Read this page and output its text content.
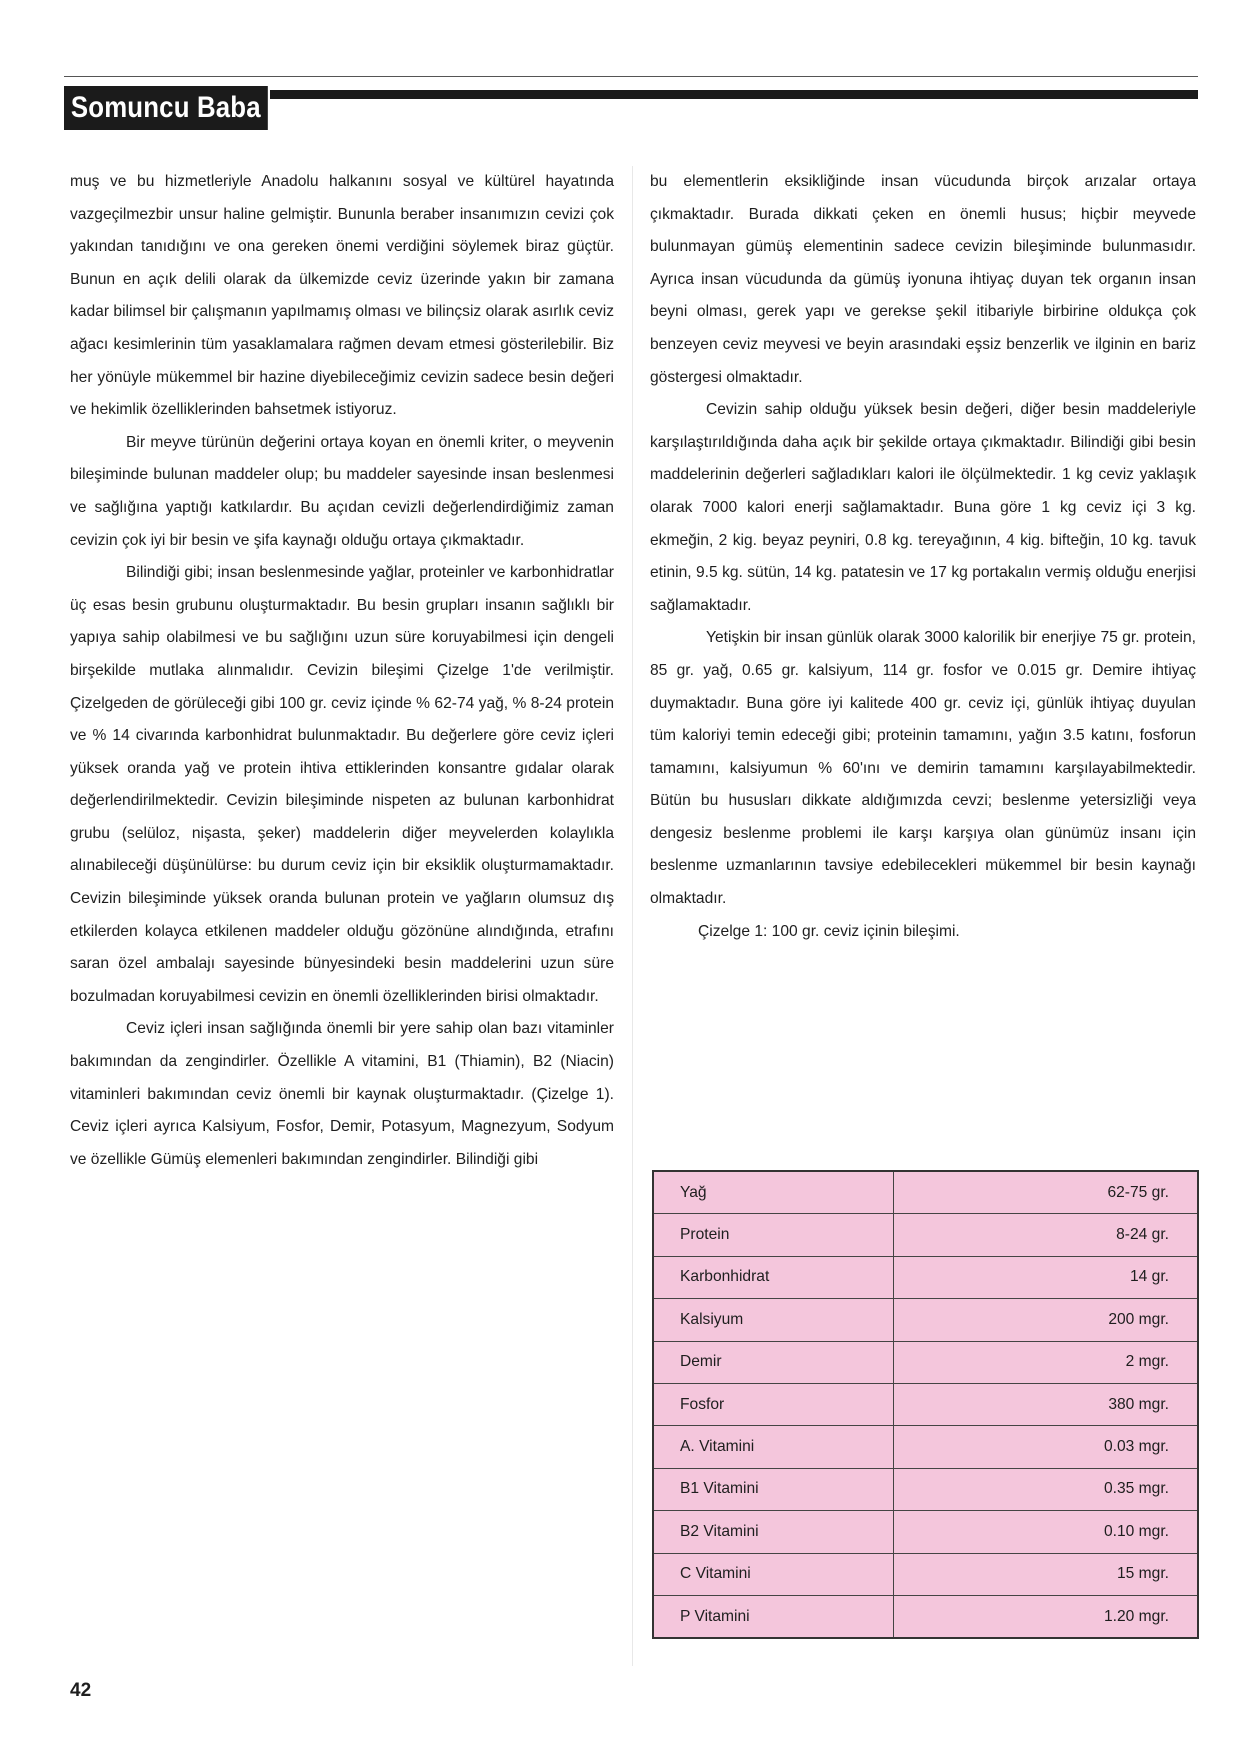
Somuncu Baba

muş ve bu hizmetleriyle Anadolu halkanını sosyal ve kültürel hayatında vazgeçilmezbir unsur haline gelmiştir. Bununla beraber insanımızın cevizi çok yakından tanıdığını ve ona gereken önemi verdiğini söylemek biraz güçtür. Bunun en açık delili olarak da ülkemizde ceviz üzerinde yakın bir zamana kadar bilimsel bir çalışmanın yapılmamış olması ve bilinçsiz olarak asırlık ceviz ağacı kesimlerinin tüm yasaklamalara rağmen devam etmesi gösterilebilir. Biz her yönüyle mükemmel bir hazine diyebileceğimiz cevizin sadece besin değeri ve hekimlik özelliklerinden bahsetmek istiyoruz.

Bir meyve türünün değerini ortaya koyan en önemli kriter, o meyvenin bileşiminde bulunan maddeler olup; bu maddeler sayesinde insan beslenmesi ve sağlığına yaptığı katkılardır. Bu açıdan cevizli değerlendirdiğimiz zaman cevizin çok iyi bir besin ve şifa kaynağı olduğu ortaya çıkmaktadır.

Bilindiği gibi; insan beslenmesinde yağlar, proteinler ve karbonhidratlar üç esas besin grubunu oluşturmaktadır. Bu besin grupları insanın sağlıklı bir yapıya sahip olabilmesi ve bu sağlığını uzun süre koruyabilmesi için dengeli birşekilde mutlaka alınmalıdır. Cevizin bileşimi Çizelge 1'de verilmiştir. Çizelgeden de görüleceği gibi 100 gr. ceviz içinde % 62-74 yağ, % 8-24 protein ve % 14 civarında karbonhidrat bulunmaktadır. Bu değerlere göre ceviz içleri yüksek oranda yağ ve protein ihtiva ettiklerinden konsantre gıdalar olarak değerlendirilmektedir. Cevizin bileşiminde nispeten az bulunan karbonhidrat grubu (selüloz, nişasta, şeker) maddelerin diğer meyvelerden kolaylıkla alınabileceği düşünülürse: bu durum ceviz için bir eksiklik oluşturmamaktadır. Cevizin bileşiminde yüksek oranda bulunan protein ve yağların olumsuz dış etkilerden kolayca etkilenen maddeler olduğu gözönüne alındığında, etrafını saran özel ambalajı sayesinde bünyesindeki besin maddelerini uzun süre bozulmadan koruyabilmesi cevizin en önemli özelliklerinden birisi olmaktadır.

Ceviz içleri insan sağlığında önemli bir yere sahip olan bazı vitaminler bakımından da zengindirler. Özellikle A vitamini, B1 (Thiamin), B2 (Niacin) vitaminleri bakımından ceviz önemli bir kaynak oluşturmaktadır. (Çizelge 1). Ceviz içleri ayrıca Kalsiyum, Fosfor, Demir, Potasyum, Magnezyum, Sodyum ve özellikle Gümüş elemenleri bakımından zengindirler. Bilindiği gibi

bu elementlerin eksikliğinde insan vücudunda birçok arızalar ortaya çıkmaktadır. Burada dikkati çeken en önemli husus; hiçbir meyvede bulunmayan gümüş elementinin sadece cevizin bileşiminde bulunmasıdır. Ayrıca insan vücudunda da gümüş iyonuna ihtiyaç duyan tek organın insan beyni olması, gerek yapı ve gerekse şekil itibariyle birbirine oldukça çok benzeyen ceviz meyvesi ve beyin arasındaki eşsiz benzerlik ve ilginin en bariz göstergesi olmaktadır.

Cevizin sahip olduğu yüksek besin değeri, diğer besin maddeleriyle karşılaştırıldığında daha açık bir şekilde ortaya çıkmaktadır. Bilindiği gibi besin maddelerinin değerleri sağladıkları kalori ile ölçülmektedir. 1 kg ceviz yaklaşık olarak 7000 kalori enerji sağlamaktadır. Buna göre 1 kg ceviz içi 3 kg. ekmeğin, 2 kig. beyaz peyniri, 0.8 kg. tereyağının, 4 kig. bifteğin, 10 kg. tavuk etinin, 9.5 kg. sütün, 14 kg. patatesin ve 17 kg portakalın vermiş olduğu enerjisi sağlamaktadır.

Yetişkin bir insan günlük olarak 3000 kalorilik bir enerjiye 75 gr. protein, 85 gr. yağ, 0.65 gr. kalsiyum, 114 gr. fosfor ve 0.015 gr. Demire ihtiyaç duymaktadır. Buna göre iyi kalitede 400 gr. ceviz içi, günlük ihtiyaç duyulan tüm kaloriyi temin edeceği gibi; proteinin tamamını, yağın 3.5 katını, fosforun tamamını, kalsiyumun % 60'ını ve demirin tamamını karşılayabilmektedir. Bütün bu hususları dikkate aldığımızda cevzi; beslenme yetersizliği veya dengesiz beslenme problemi ile karşı karşıya olan günümüz insanı için beslenme uzmanlarının tavsiye edebilecekleri mükemmel bir besin kaynağı olmaktadır.

Çizelge 1: 100 gr. ceviz içinin bileşimi.

Yağ	62-75 gr.
Protein	8-24 gr.
Karbonhidrat	14 gr.
Kalsiyum	200 mgr.
Demir	2 mgr.
Fosfor	380 mgr.
A. Vitamini	0.03 mgr.
B1 Vitamini	0.35 mgr.
B2 Vitamini	0.10 mgr.
C Vitamini	15 mgr.
P Vitamini	1.20 mgr.
42
